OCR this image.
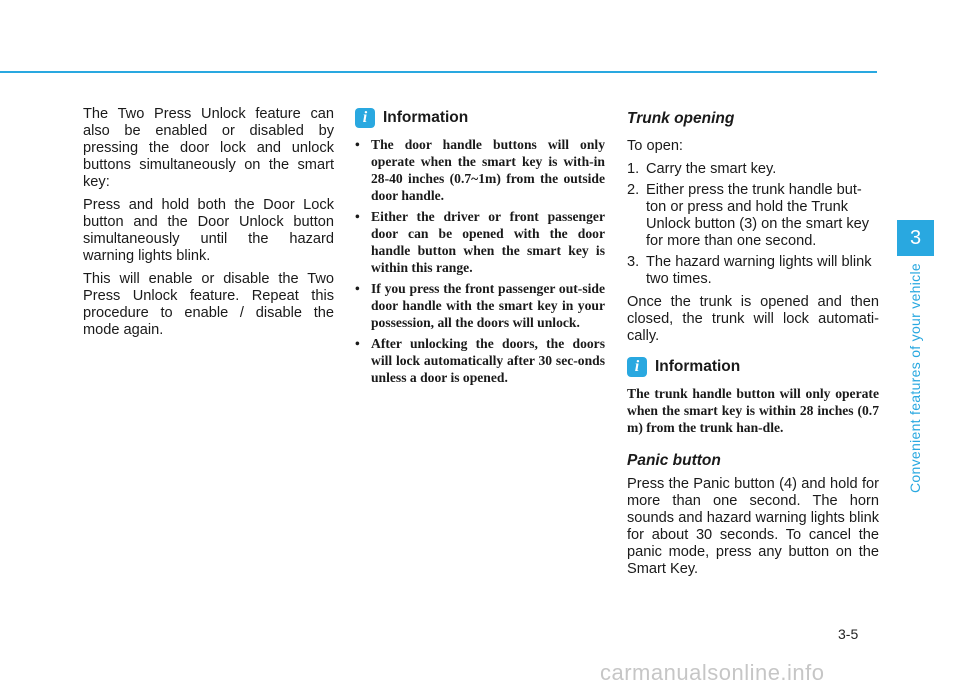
The Two Press Unlock feature can also be enabled or disabled by pressing the door lock and unlock buttons simultaneously on the smart key:

Press and hold both the Door Lock button and the Door Unlock button simultaneously until the hazard warning lights blink.

This will enable or disable the Two Press Unlock feature. Repeat this procedure to enable / disable the mode again.

i	Information
• The door handle buttons will only operate when the smart key is with-in 28-40 inches (0.7~1m) from the outside door handle.
• Either the driver or front passenger door can be opened with the door handle button when the smart key is within this range.
• If you press the front passenger out-side door handle with the smart key in your possession, all the doors will unlock.
• After unlocking the doors, the doors will lock automatically after 30 sec-onds unless a door is opened.
Trunk opening

To open:

1. Carry the smart key.
2. Either press the trunk handle but-ton or press and hold the Trunk Unlock button (3) on the smart key for more than one second.
3. The hazard warning lights will blink two times.

Once the trunk is opened and then closed, the trunk will lock automati-cally.

i	Information

The trunk handle button will only operate when the smart key is within 28 inches (0.7 m) from the trunk han-dle.

Panic button

Press the Panic button (4) and hold for more than one second. The horn sounds and hazard warning lights blink for about 30 seconds. To cancel the panic mode, press any button on the Smart Key.

3
Convenient features of your vehicle
3-5
carmanualsonline.info
